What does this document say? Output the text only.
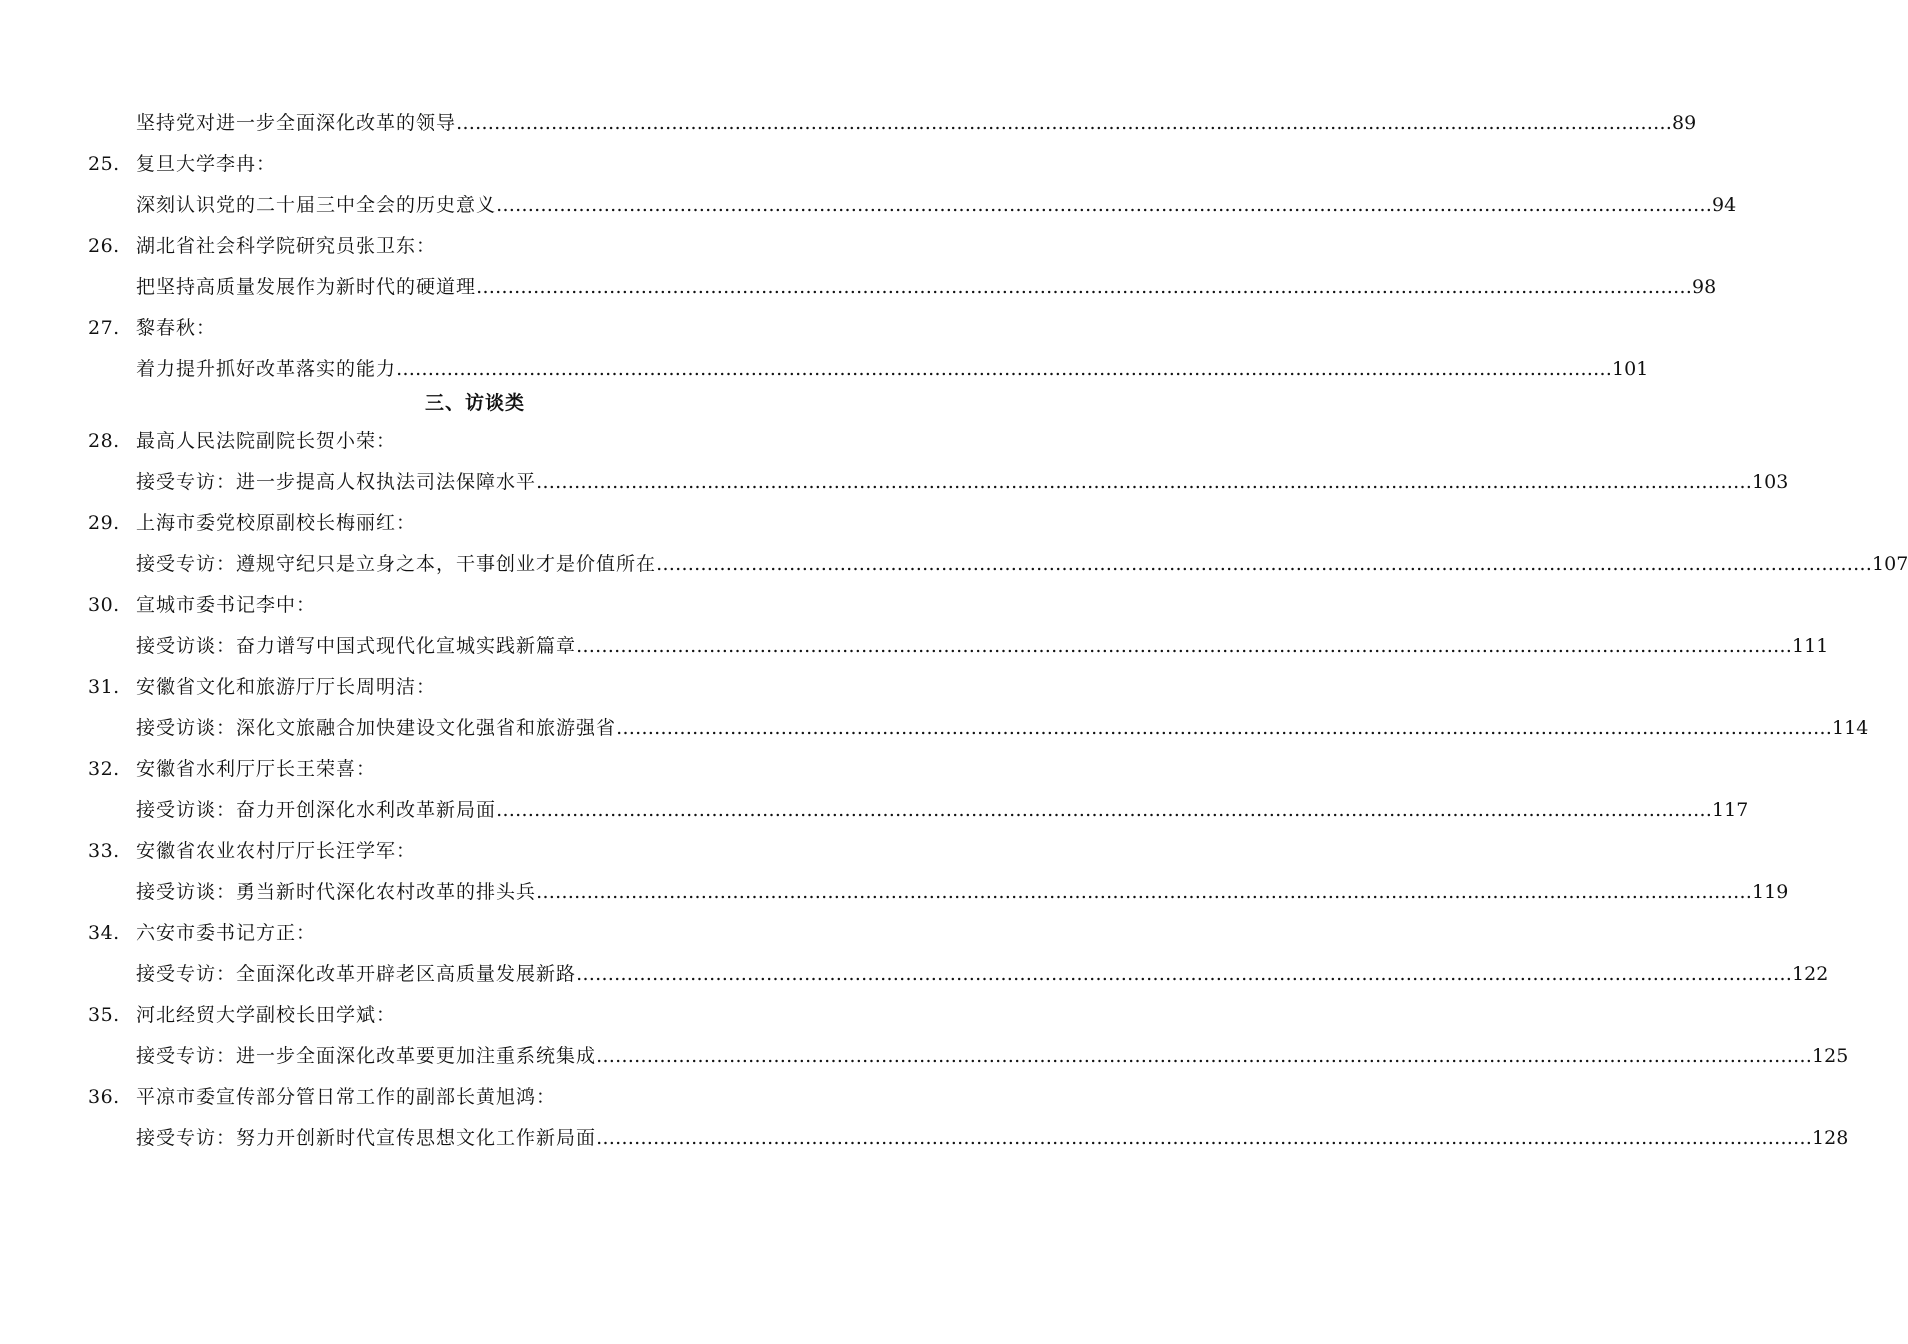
坚持党对进一步全面深化改革的领导 ………………………………………………………………………………………………………………………………………………………………………… 89
25. 复旦大学李冉：
深刻认识党的二十届三中全会的历史意义 ………………………………………………………………………………………………………………………………………………………………………… 94
26. 湖北省社会科学院研究员张卫东：
把坚持高质量发展作为新时代的硬道理 ………………………………………………………………………………………………………………………………………………………………………… 98
27. 黎春秋：
着力提升抓好改革落实的能力 ………………………………………………………………………………………………………………………………………………………………………… 101
三、访谈类
28. 最高人民法院副院长贺小荣：
接受专访：进一步提高人权执法司法保障水平 ………………………………………………………………………………………………………………………………………………………………………… 103
29. 上海市委党校原副校长梅丽红：
接受专访：遵规守纪只是立身之本，干事创业才是价值所在 ………………………………………………………………………………………………………………………………………………………………………… 107
30. 宣城市委书记李中：
接受访谈：奋力谱写中国式现代化宣城实践新篇章 ………………………………………………………………………………………………………………………………………………………………………… 111
31. 安徽省文化和旅游厅厅长周明洁：
接受访谈：深化文旅融合加快建设文化强省和旅游强省 ………………………………………………………………………………………………………………………………………………………………………… 114
32. 安徽省水利厅厅长王荣喜：
接受访谈：奋力开创深化水利改革新局面 ………………………………………………………………………………………………………………………………………………………………………… 117
33. 安徽省农业农村厅厅长汪学军：
接受访谈：勇当新时代深化农村改革的排头兵 ………………………………………………………………………………………………………………………………………………………………………… 119
34. 六安市委书记方正：
接受专访：全面深化改革开辟老区高质量发展新路 ………………………………………………………………………………………………………………………………………………………………………… 122
35. 河北经贸大学副校长田学斌：
接受专访：进一步全面深化改革要更加注重系统集成 ………………………………………………………………………………………………………………………………………………………………………… 125
36. 平凉市委宣传部分管日常工作的副部长黄旭鸿：
接受专访：努力开创新时代宣传思想文化工作新局面 ………………………………………………………………………………………………………………………………………………………………………… 128
